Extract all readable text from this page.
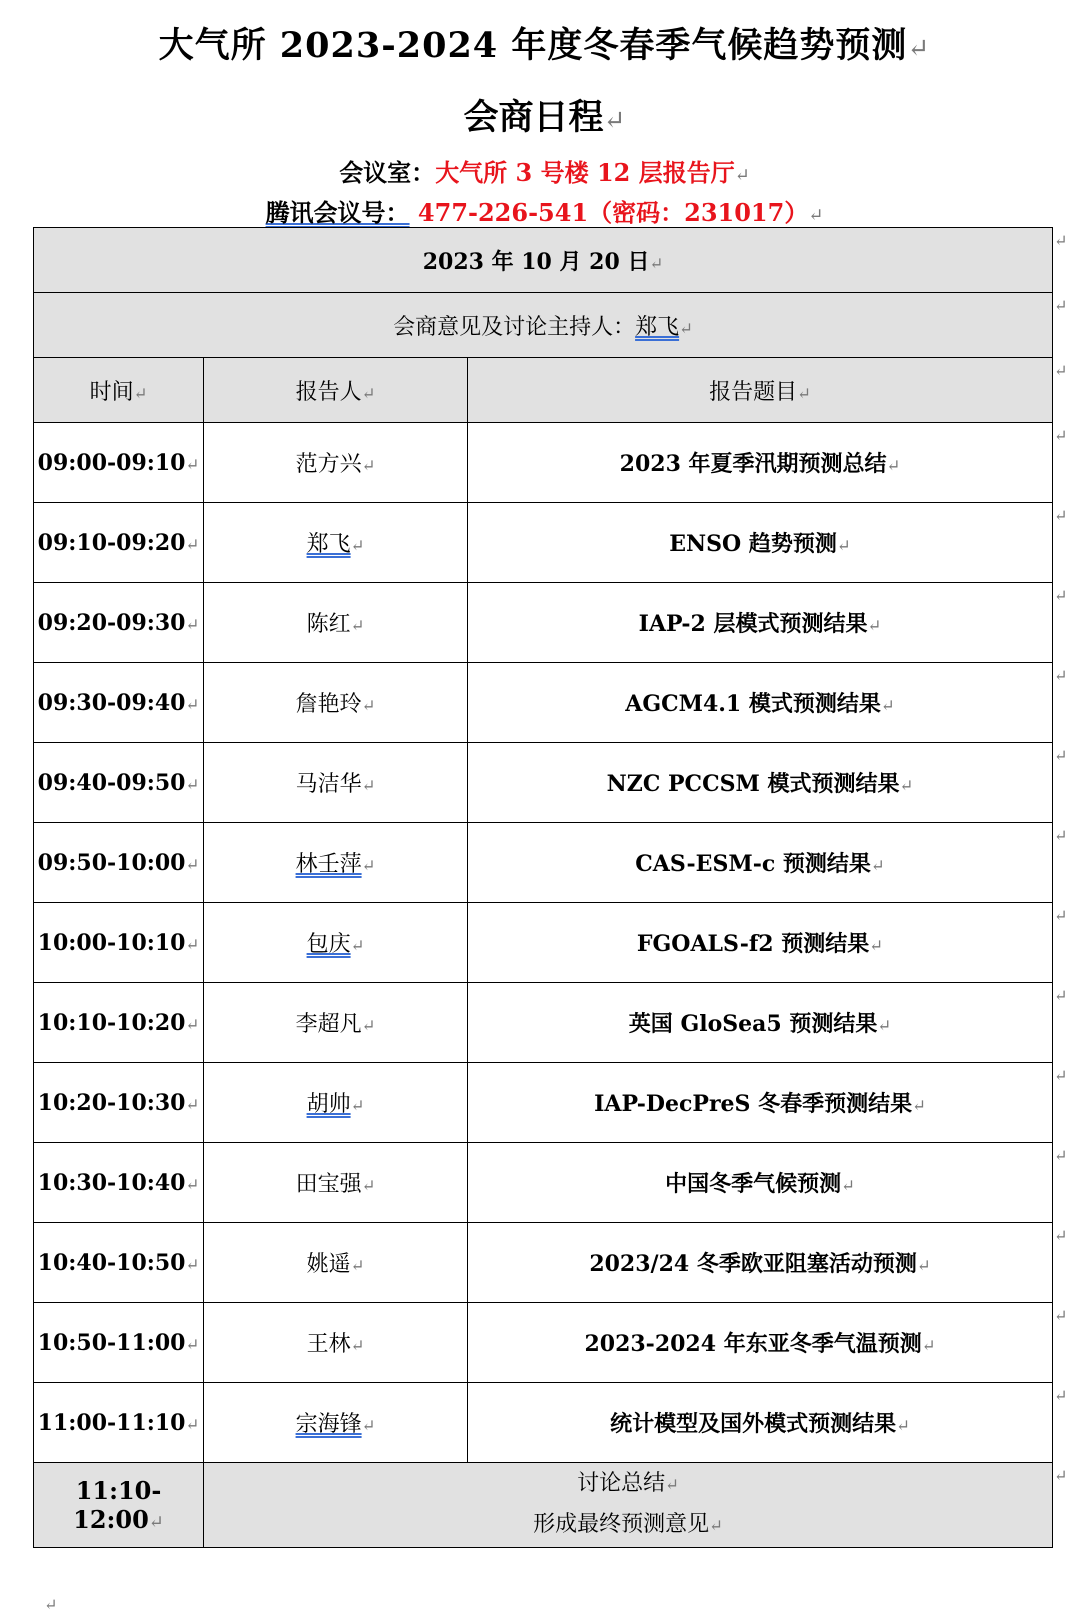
大气所 2023-2024 年度冬春季气候趋势预测 ↵
会商日程 ↵
会议室：大气所 3 号楼 12 层报告厅 ↵
腾讯会议号： 477-226-541（密码：231017） ↵
2023 年 10 月 20 日 ↵
会商意见及讨论主持人：郑飞 ↵
时间 ↵	报告人 ↵	报告题目 ↵
09:00-09:10 ↵	范方兴 ↵	2023 年夏季汛期预测总结 ↵
09:10-09:20 ↵	郑飞 ↵	ENSO 趋势预测 ↵
09:20-09:30 ↵	陈红 ↵	IAP-2 层模式预测结果 ↵
09:30-09:40 ↵	詹艳玲 ↵	AGCM4.1 模式预测结果 ↵
09:40-09:50 ↵	马洁华 ↵	NZC PCCSM 模式预测结果 ↵
09:50-10:00 ↵	林壬萍 ↵	CAS-ESM-c 预测结果 ↵
10:00-10:10 ↵	包庆 ↵	FGOALS-f2 预测结果 ↵
10:10-10:20 ↵	李超凡 ↵	英国 GloSea5 预测结果 ↵
10:20-10:30 ↵	胡帅 ↵	IAP-DecPreS 冬春季预测结果 ↵
10:30-10:40 ↵	田宝强 ↵	中国冬季气候预测 ↵
10:40-10:50 ↵	姚遥 ↵	2023/24 冬季欧亚阻塞活动预测 ↵
10:50-11:00 ↵	王林 ↵	2023-2024 年东亚冬季气温预测 ↵
11:00-11:10 ↵	宗海锋 ↵	统计模型及国外模式预测结果 ↵
11:10-12:00 ↵	讨论总结 ↵
形成最终预测意见 ↵
↵
↵
↵
↵
↵
↵
↵
↵
↵
↵
↵
↵
↵
↵
↵
↵
↵
↵
